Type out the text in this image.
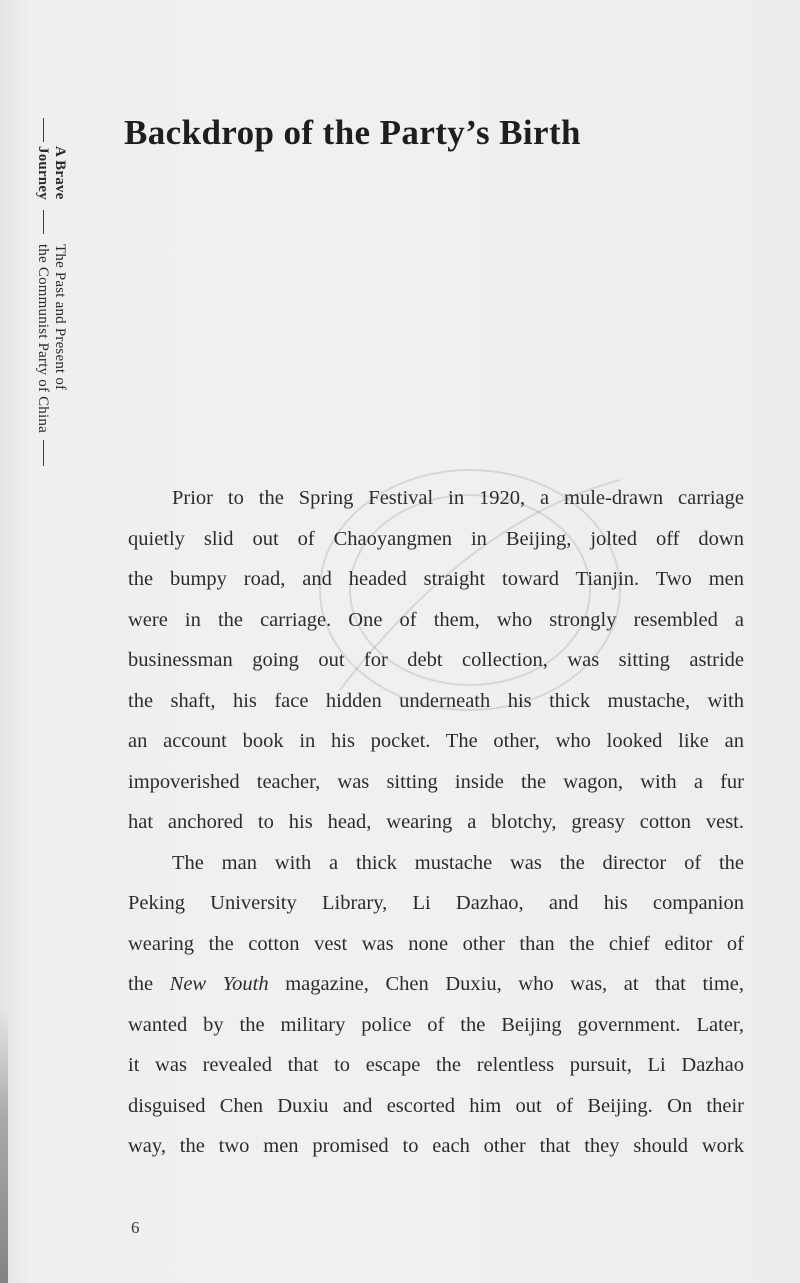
A Brave
Journey
The Past and Present of
the Communist Party of China
Backdrop of the Party’s Birth

Prior to the Spring Festival in 1920, a mule-drawn carriage
quietly slid out of Chaoyangmen in Beijing, jolted off down
the bumpy road, and headed straight toward Tianjin. Two men
were in the carriage. One of them, who strongly resembled a
businessman going out for debt collection, was sitting astride
the shaft, his face hidden underneath his thick mustache, with
an account book in his pocket. The other, who looked like an
impoverished teacher, was sitting inside the wagon, with a fur
hat anchored to his head, wearing a blotchy, greasy cotton vest.

The man with a thick mustache was the director of the
Peking University Library, Li Dazhao, and his companion
wearing the cotton vest was none other than the chief editor of
the New Youth magazine, Chen Duxiu, who was, at that time,
wanted by the military police of the Beijing government. Later,
it was revealed that to escape the relentless pursuit, Li Dazhao
disguised Chen Duxiu and escorted him out of Beijing. On their
way, the two men promised to each other that they should work

6
